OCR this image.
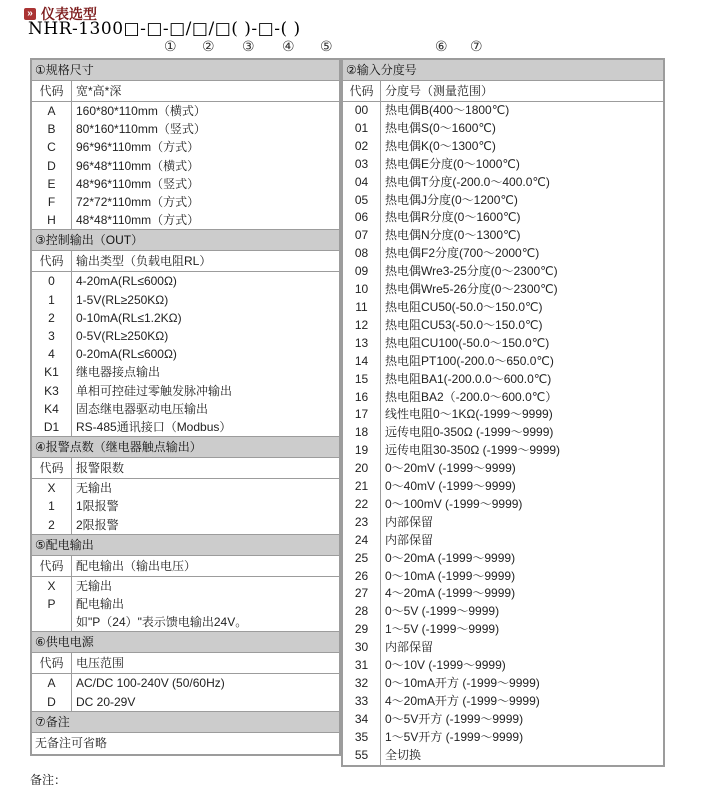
» 仪表选型
NHR-1300□-□-□/□/□( )-□-( )
① ② ③ ④ ⑤	⑥ ⑦
①规格尺寸
代码	宽*高*深
A	160*80*110mm（横式）
B	80*160*110mm（竖式）
C	96*96*110mm（方式）
D	96*48*110mm（横式）
E	48*96*110mm（竖式）
F	72*72*110mm（方式）
H	48*48*110mm（方式）
③控制输出（OUT）
代码	输出类型（负载电阻RL）
0	4-20mA(RL≤600Ω)
1	1-5V(RL≥250KΩ)
2	0-10mA(RL≤1.2KΩ)
3	0-5V(RL≥250KΩ)
4	0-20mA(RL≤600Ω)
K1	继电器接点输出
K3	单相可控硅过零触发脉冲输出
K4	固态继电器驱动电压输出
D1	RS-485通讯接口（Modbus）
④报警点数（继电器触点输出）
代码	报警限数
X	无输出
1	1限报警
2	2限报警
⑤配电输出
代码	配电输出（输出电压）
X	无输出
P	配电输出
如"P（24）"表示馈电输出24V。
⑥供电电源
代码	电压范围
A	AC/DC 100-240V (50/60Hz)
D	DC 20-29V
⑦备注
无备注可省略
②输入分度号
代码 分度号（测量范围）
00	热电偶B(400～1800℃)
01	热电偶S(0～1600℃)
02	热电偶K(0～1300℃)
03	热电偶E分度(0～1000℃)
04	热电偶T分度(-200.0～400.0℃)
05	热电偶J分度(0～1200℃)
06	热电偶R分度(0～1600℃)
07	热电偶N分度(0～1300℃)
08	热电偶F2分度(700～2000℃)
09	热电偶Wre3-25分度(0～2300℃)
10	热电偶Wre5-26分度(0～2300℃)
11	热电阻CU50(-50.0～150.0℃)
12	热电阻CU53(-50.0～150.0℃)
13	热电阻CU100(-50.0～150.0℃)
14	热电阻PT100(-200.0～650.0℃)
15	热电阻BA1(-200.0.0～600.0℃)
16	热电阻BA2（-200.0～600.0℃）
17	线性电阻0～1KΩ(-1999～9999)
18	远传电阻0-350Ω (-1999～9999)
19	远传电阻30-350Ω (-1999～9999)
20	0～20mV (-1999～9999)
21	0～40mV (-1999～9999)
22	0～100mV (-1999～9999)
23	内部保留
24	内部保留
25	0～20mA (-1999～9999)
26	0～10mA (-1999～9999)
27	4～20mA (-1999～9999)
28	0～5V (-1999～9999)
29	1～5V (-1999～9999)
30	内部保留
31	0～10V (-1999～9999)
32	0～10mA开方 (-1999～9999)
33	4～20mA开方 (-1999～9999)
34	0～5V开方 (-1999～9999)
35	1～5V开方 (-1999～9999)
55	全切换
备注：
